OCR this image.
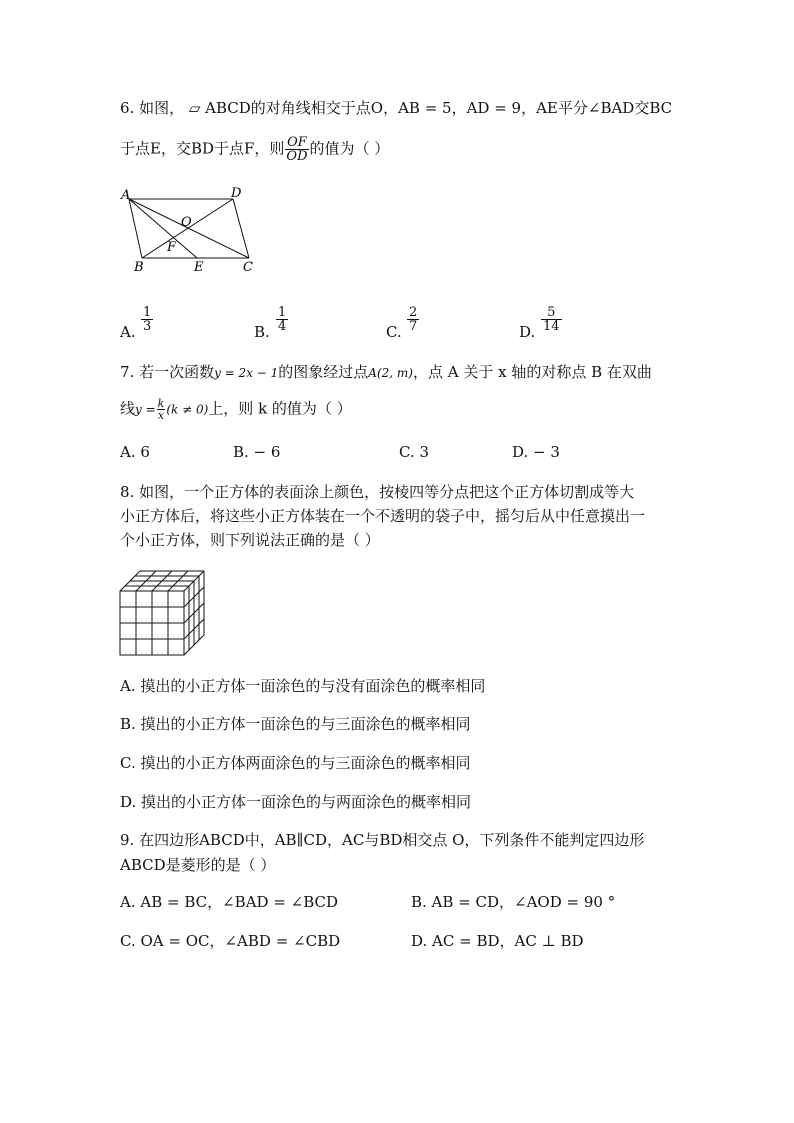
6. 如图， ▱ ABCD的对角线相交于点O，AB = 5，AD = 9，AE平分∠BAD交BC
于点E，交BD于点F，则 $\frac{OF}{OD}$ 的值为（ ）
A	D
B	E	C
O
F
A. $\frac{1}{3}$	B. $\frac{1}{4}$	C. $\frac{2}{7}$	D. $\frac{5}{14}$
7. 若一次函数y = 2x − 1的图象经过点A(2, m)，点 A 关于 x 轴的对称点 B 在双曲
线$y = \frac{k}{x} (k \ne 0)$上，则 k 的值为（ ）
A. 6	B. − 6	C. 3	D. − 3
8. 如图，一个正方体的表面涂上颜色，按棱四等分点把这个正方体切割成等大
小正方体后，将这些小正方体装在一个不透明的袋子中，摇匀后从中任意摸出一
个小正方体，则下列说法正确的是（ ）
A. 摸出的小正方体一面涂色的与没有面涂色的概率相同
B. 摸出的小正方体一面涂色的与三面涂色的概率相同
C. 摸出的小正方体两面涂色的与三面涂色的概率相同
D. 摸出的小正方体一面涂色的与两面涂色的概率相同
9. 在四边形ABCD中，AB∥CD，AC与BD相交点 O，下列条件不能判定四边形
ABCD是菱形的是（ ）
A. AB = BC，∠BAD = ∠BCD	B. AB = CD，∠AOD = 90 °
C. OA = OC，∠ABD = ∠CBD	D. AC = BD，AC ⊥ BD
